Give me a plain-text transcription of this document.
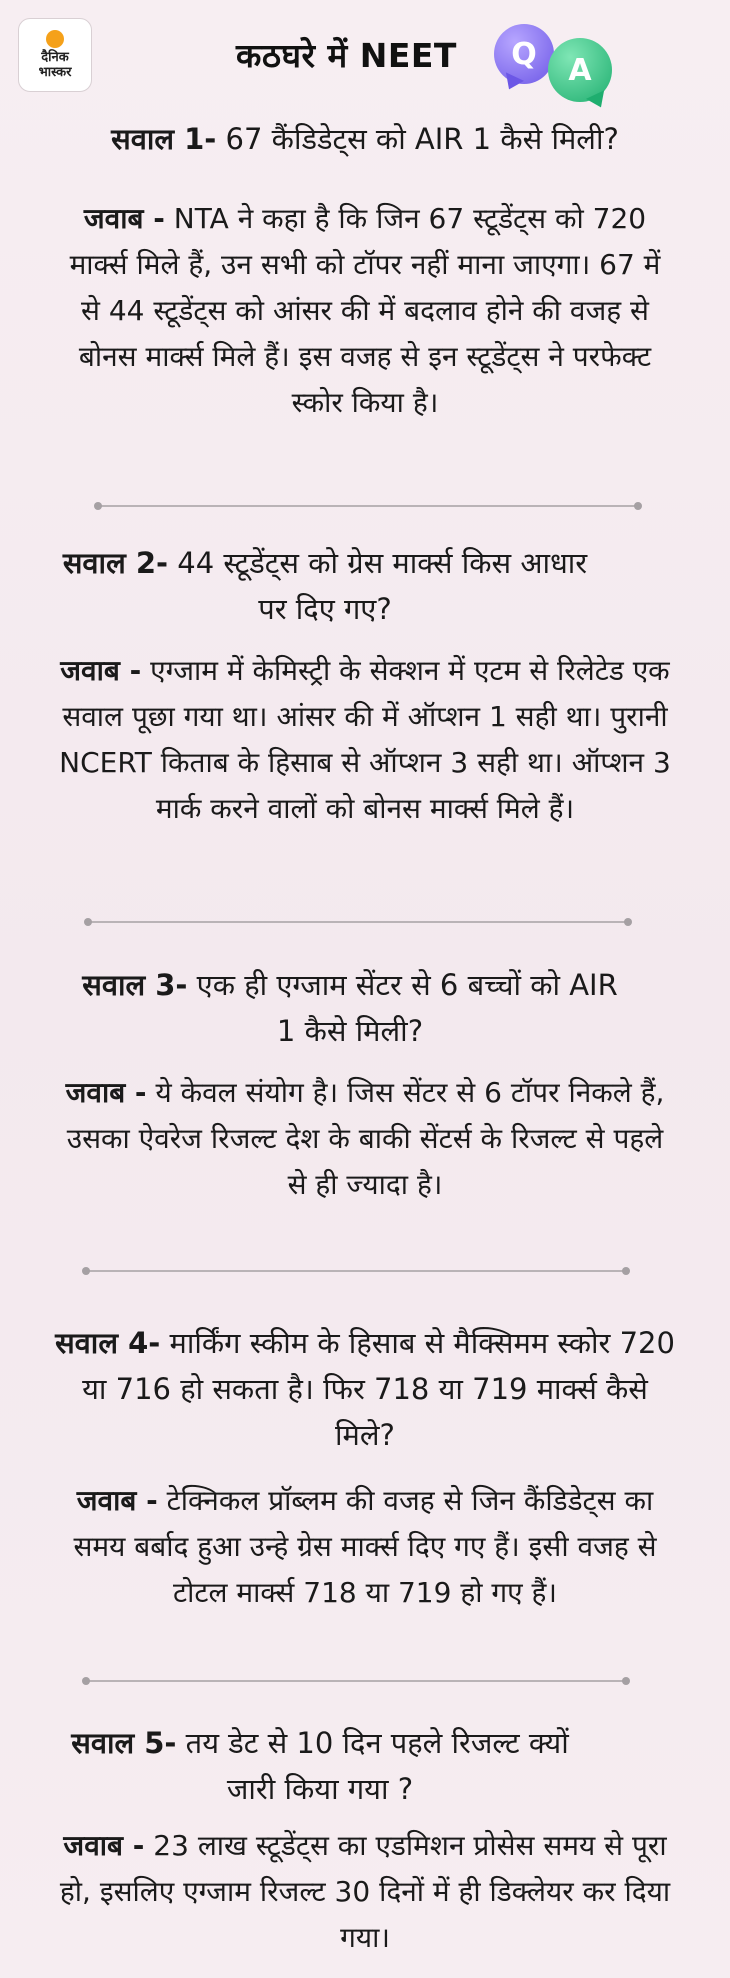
दैनिक
भास्कर	कठघरे में NEET Q A
सवाल 1- 67 कैंडिडेट्स को AIR 1 कैसे मिली?
जवाब - NTA ने कहा है कि जिन 67 स्टूडेंट्स को 720 मार्क्स मिले हैं, उन सभी को टॉपर नहीं माना जाएगा। 67 में से 44 स्टूडेंट्स को आंसर की में बदलाव होने की वजह से बोनस मार्क्स मिले हैं। इस वजह से इन स्टूडेंट्स ने परफेक्ट स्कोर किया है।
सवाल 2- 44 स्टूडेंट्स को ग्रेस मार्क्स किस आधार पर दिए गए?
जवाब - एग्जाम में केमिस्ट्री के सेक्शन में एटम से रिलेटेड एक सवाल पूछा गया था। आंसर की में ऑप्शन 1 सही था। पुरानी NCERT किताब के हिसाब से ऑप्शन 3 सही था। ऑप्शन 3 मार्क करने वालों को बोनस मार्क्स मिले हैं।
सवाल 3- एक ही एग्जाम सेंटर से 6 बच्चों को AIR 1 कैसे मिली?
जवाब - ये केवल संयोग है। जिस सेंटर से 6 टॉपर निकले हैं, उसका ऐवरेज रिजल्ट देश के बाकी सेंटर्स के रिजल्ट से पहले से ही ज्यादा है।
सवाल 4- मार्किंग स्कीम के हिसाब से मैक्सिमम स्कोर 720 या 716 हो सकता है। फिर 718 या 719 मार्क्स कैसे मिले?
जवाब - टेक्निकल प्रॉब्लम की वजह से जिन कैंडिडेट्स का समय बर्बाद हुआ उन्हे ग्रेस मार्क्स दिए गए हैं। इसी वजह से टोटल मार्क्स 718 या 719 हो गए हैं।
सवाल 5- तय डेट से 10 दिन पहले रिजल्ट क्यों जारी किया गया ?
जवाब - 23 लाख स्टूडेंट्स का एडमिशन प्रोसेस समय से पूरा हो, इसलिए एग्जाम रिजल्ट 30 दिनों में ही डिक्लेयर कर दिया गया।
